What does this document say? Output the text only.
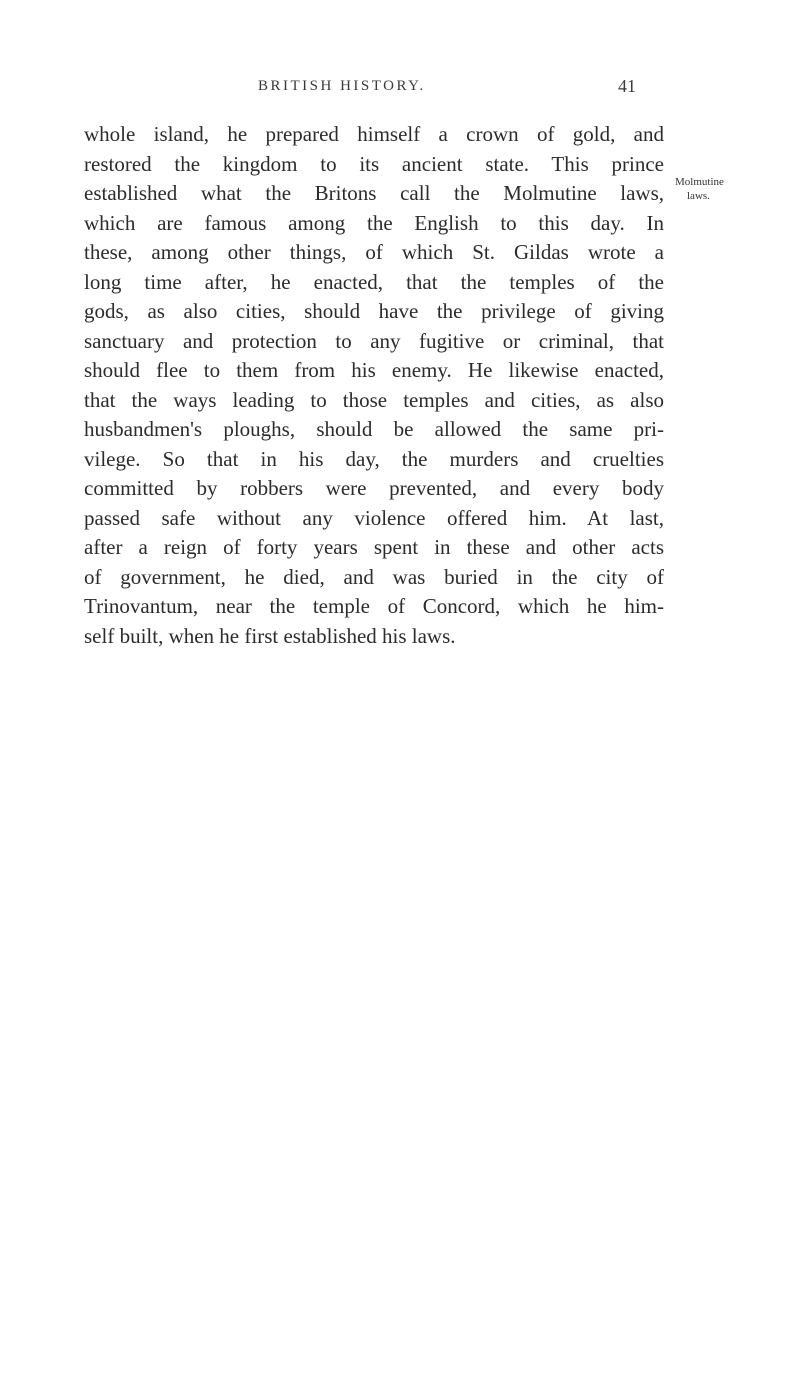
BRITISH HISTORY.	41
whole island, he prepared himself a crown of gold, and
restored the kingdom to its ancient state. This prince
established what the Britons call the Molmutine laws,
which are famous among the English to this day. In
these, among other things, of which St. Gildas wrote a
long time after, he enacted, that the temples of the
gods, as also cities, should have the privilege of giving
sanctuary and protection to any fugitive or criminal, that
should flee to them from his enemy. He likewise enacted,
that the ways leading to those temples and cities, as also
husbandmen's ploughs, should be allowed the same pri-
vilege. So that in his day, the murders and cruelties
committed by robbers were prevented, and every body
passed safe without any violence offered him. At last,
after a reign of forty years spent in these and other acts
of government, he died, and was buried in the city of
Trinovantum, near the temple of Concord, which he him-
self built, when he first established his laws.
Molmutine
laws.
